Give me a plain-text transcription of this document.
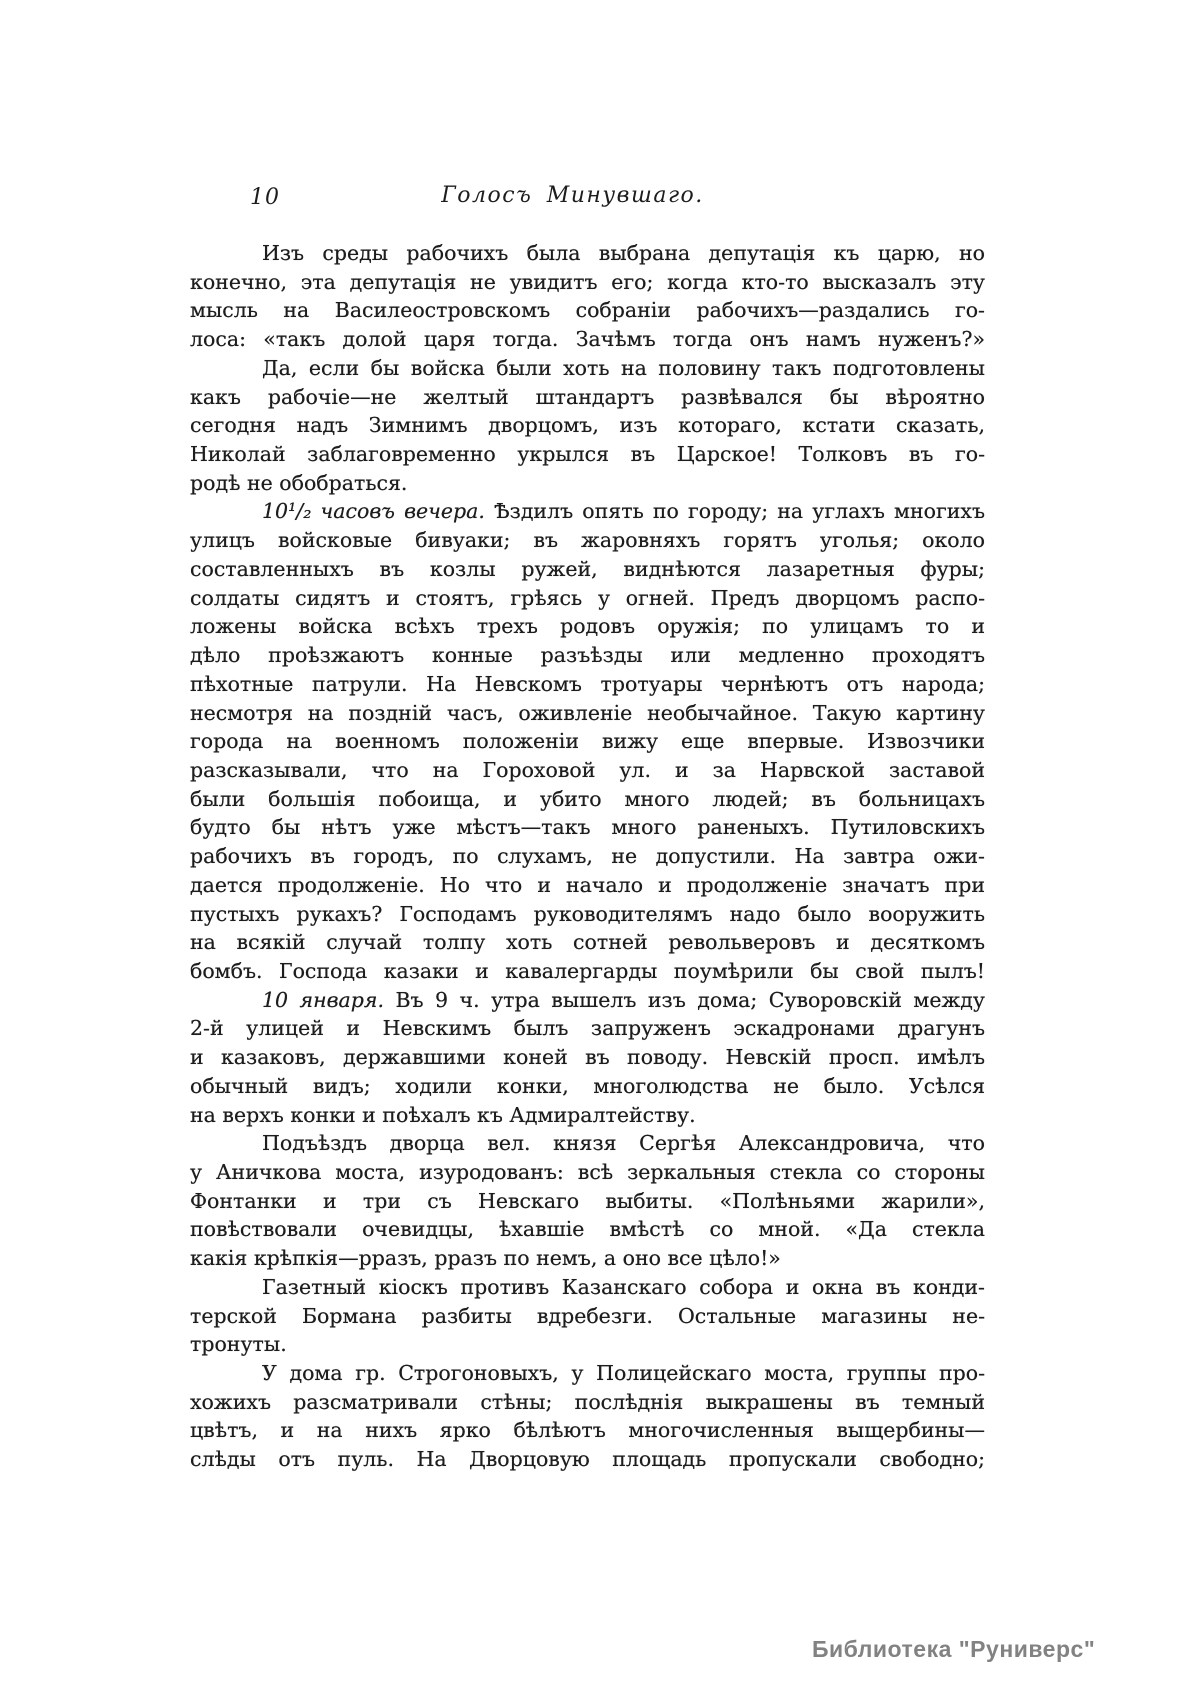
10	Голосъ Минувшаго.
Изъ среды рабочихъ была выбрана депутація къ царю, но
конечно, эта депутація не увидитъ его; когда кто-то высказалъ эту
мысль на Василеостровскомъ собраніи рабочихъ—раздались го-
лоса: «такъ долой царя тогда. Зачѣмъ тогда онъ намъ нуженъ?»
Да, если бы войска были хоть на половину такъ подготовлены
какъ рабочіе—не желтый штандартъ развѣвался бы вѣроятно
сегодня надъ Зимнимъ дворцомъ, изъ котораго, кстати сказать,
Николай заблаговременно укрылся въ Царское! Толковъ въ го-
родѣ не обобраться.
10¹/₂ часовъ вечера. Ѣздилъ опять по городу; на углахъ многихъ
улицъ войсковые бивуаки; въ жаровняхъ горятъ уголья; около
составленныхъ въ козлы ружей, виднѣются лазаретныя фуры;
солдаты сидятъ и стоятъ, грѣясь у огней. Предъ дворцомъ распо-
ложены войска всѣхъ трехъ родовъ оружія; по улицамъ то и
дѣло проѣзжаютъ конные разъѣзды или медленно проходятъ
пѣхотные патрули. На Невскомъ тротуары чернѣютъ отъ народа;
несмотря на поздній часъ, оживленіе необычайное. Такую картину
города на военномъ положеніи вижу еще впервые. Извозчики
разсказывали, что на Гороховой ул. и за Нарвской заставой
были большія побоища, и убито много людей; въ больницахъ
будто бы нѣтъ уже мѣстъ—такъ много раненыхъ. Путиловскихъ
рабочихъ въ городъ, по слухамъ, не допустили. На завтра ожи-
дается продолженіе. Но что и начало и продолженіе значатъ при
пустыхъ рукахъ? Господамъ руководителямъ надо было вооружить
на всякій случай толпу хоть сотней револьверовъ и десяткомъ
бомбъ. Господа казаки и кавалергарды поумѣрили бы свой пылъ!
10 января. Въ 9 ч. утра вышелъ изъ дома; Суворовскій между
2-й улицей и Невскимъ былъ запруженъ эскадронами драгунъ
и казаковъ, державшими коней въ поводу. Невскій просп. имѣлъ
обычный видъ; ходили конки, многолюдства не было. Усѣлся
на верхъ конки и поѣхалъ къ Адмиралтейству.
Подъѣздъ дворца вел. князя Сергѣя Александровича, что
у Аничкова моста, изуродованъ: всѣ зеркальныя стекла со стороны
Фонтанки и три съ Невскаго выбиты. «Полѣньями жарили»,
повѣствовали очевидцы, ѣхавшіе вмѣстѣ со мной. «Да стекла
какія крѣпкія—рразъ, рразъ по немъ, а оно все цѣло!»
Газетный кіоскъ противъ Казанскаго собора и окна въ конди-
терской Бормана разбиты вдребезги. Остальные магазины не-
тронуты.
У дома гр. Строгоновыхъ, у Полицейскаго моста, группы про-
хожихъ разсматривали стѣны; послѣднія выкрашены въ темный
цвѣтъ, и на нихъ ярко бѣлѣютъ многочисленныя выщербины—
слѣды отъ пуль. На Дворцовую площадь пропускали свободно;
Библиотека "Руниверс"
